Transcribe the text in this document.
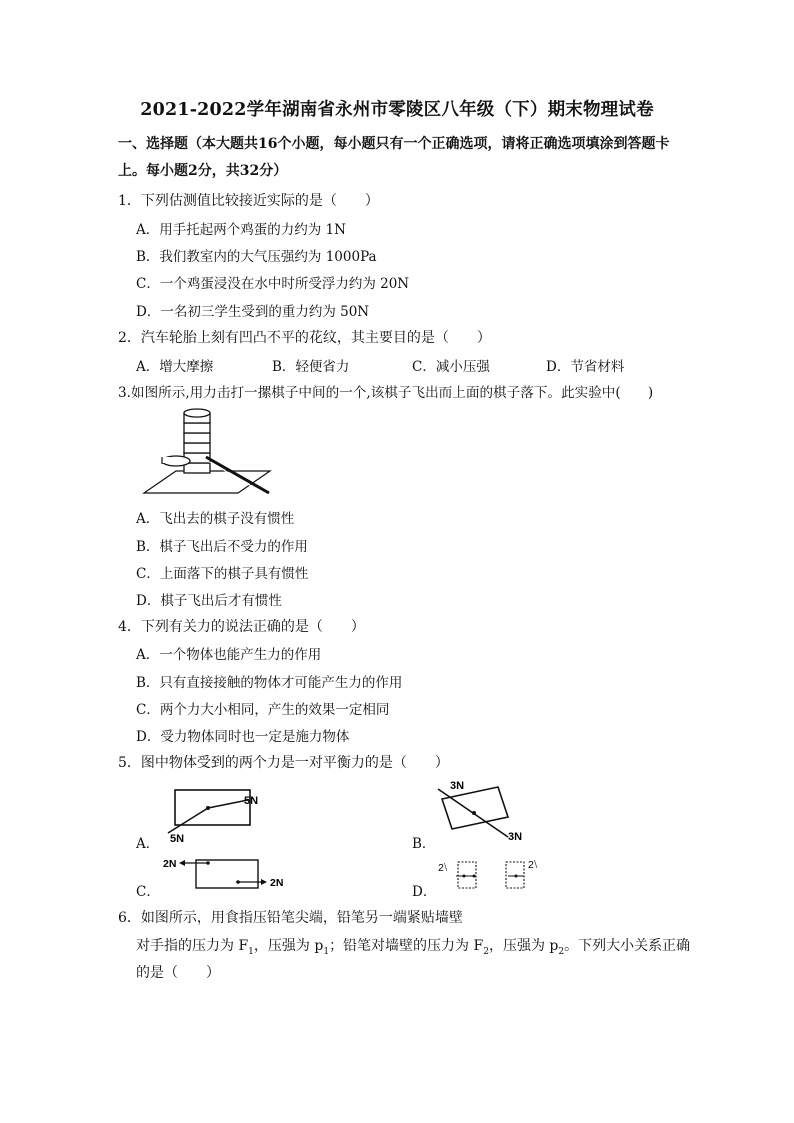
2021-2022学年湖南省永州市零陵区八年级（下）期末物理试卷
一、选择题（本大题共16个小题，每小题只有一个正确选项，请将正确选项填涂到答题卡
上。每小题2分，共32分）
1．下列估测值比较接近实际的是（　　）
A．用手托起两个鸡蛋的力约为 1N
B．我们教室内的大气压强约为 1000Pa
C．一个鸡蛋浸没在水中时所受浮力约为 20N
D．一名初三学生受到的重力约为 50N
2．汽车轮胎上刻有凹凸不平的花纹，其主要目的是（　　）
A．增大摩擦	B．轻便省力	C．减小压强	D．节省材料
3.如图所示,用力击打一摞棋子中间的一个,该棋子飞出而上面的棋子落下。此实验中(　　)
A．飞出去的棋子没有惯性
B．棋子飞出后不受力的作用
C．上面落下的棋子具有惯性
D．棋子飞出后才有惯性
4．下列有关力的说法正确的是（　　）
A．一个物体也能产生力的作用
B．只有直接接触的物体才可能产生力的作用
C．两个力大小相同，产生的效果一定相同
D．受力物体同时也一定是施力物体
5．图中物体受到的两个力是一对平衡力的是（　　）
A．
5N
5N	B．
3N
3N
C．
2N
2N
D．
2 ⧵	2 ⧵
6．如图所示，用食指压铅笔尖端，铅笔另一端紧贴墙壁
对手指的压力为 $F_1$，压强为 $p_1$；铅笔对墙壁的压力为 $F_2$，压强为 $p_2$。下列大小关系正确
的是（　　）
